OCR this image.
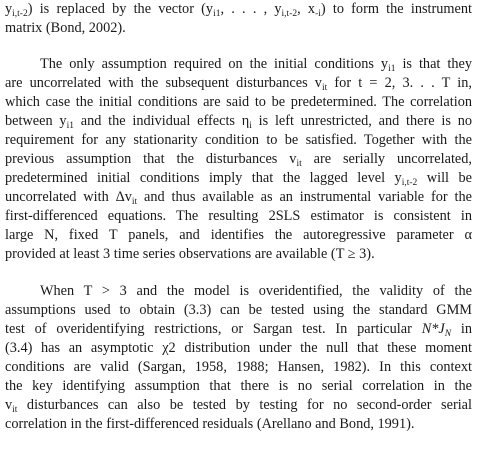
$y_{i,t-2}$) is replaced by the vector ($y_{i1}$, . . . , $y_{i,t-2}$, $x_{-i}$) to form the instrument
matrix (Bond, 2002).
The only assumption required on the initial conditions $y_{i1}$ is that they
are uncorrelated with the subsequent disturbances $v_{it}$ for t = 2, 3. . . T in,
which case the initial conditions are said to be predetermined. The correlation
between $y_{i1}$ and the individual effects $\eta_i$ is left unrestricted, and there is no
requirement for any stationarity condition to be satisfied. Together with the
previous assumption that the disturbances $v_{it}$ are serially uncorrelated,
predetermined initial conditions imply that the lagged level $y_{i,t-2}$ will be
uncorrelated with $\Delta v_{it}$ and thus available as an instrumental variable for the
first-differenced equations. The resulting 2SLS estimator is consistent in
large N, fixed T panels, and identifies the autoregressive parameter α
provided at least 3 time series observations are available (T ≥ 3).
When T > 3 and the model is overidentified, the validity of the
assumptions used to obtain (3.3) can be tested using the standard GMM
test of overidentifying restrictions, or Sargan test. In particular $N*J_N$ in
(3.4) has an asymptotic χ2 distribution under the null that these moment
conditions are valid (Sargan, 1958, 1988; Hansen, 1982). In this context
the key identifying assumption that there is no serial correlation in the
$v_{it}$ disturbances can also be tested by testing for no second-order serial
correlation in the first-differenced residuals (Arellano and Bond, 1991).
